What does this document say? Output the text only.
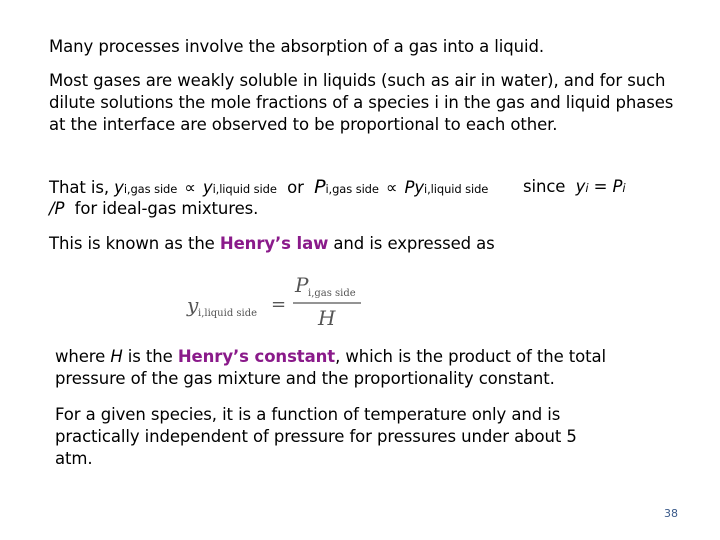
Many processes involve the absorption of a gas into a liquid.

Most gases are weakly soluble in liquids (such as air in water), and for such dilute solutions the mole fractions of a species i in the gas and liquid phases at the interface are observed to be proportional to each other.

That is, yi,gas side ∝ yi,liquid side or Pi,gas side ∝ Pyi,liquid side since yi = Pi
/P for ideal-gas mixtures.

This is known as the Henry’s law and is expressed as

y i,liquid side =
P i,gas side
H

where H is the Henry’s constant, which is the product of the total pressure of the gas mixture and the proportionality constant.

For a given species, it is a function of temperature only and is practically independent of pressure for pressures under about 5 atm.

38
